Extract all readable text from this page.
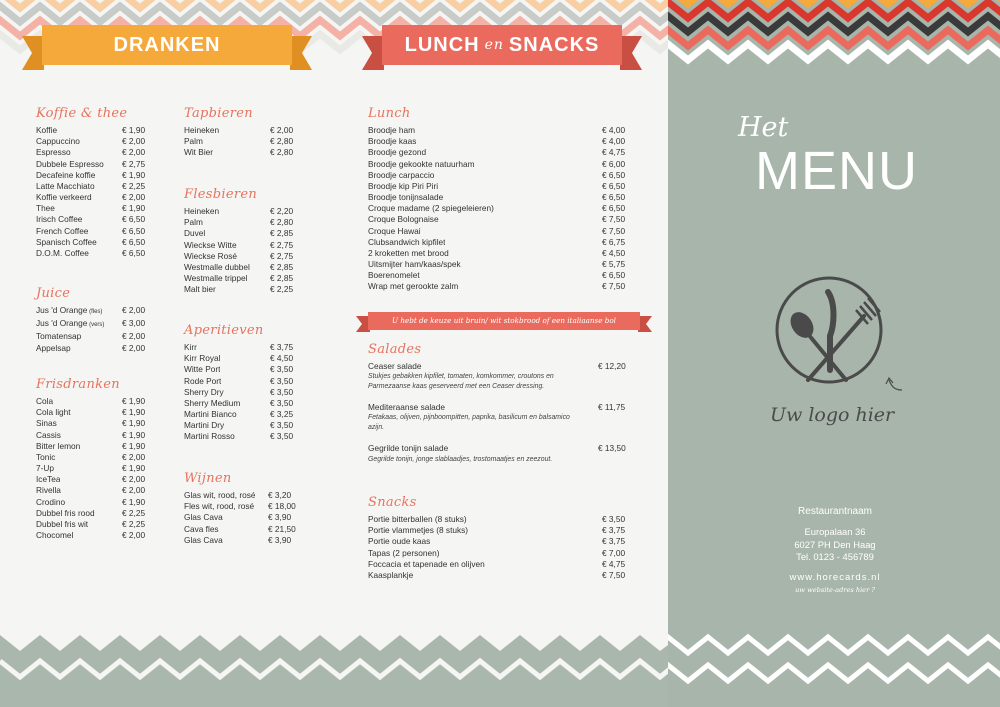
DRANKEN	LUNCH en SNACKS
Koffie & thee
Koffie	€ 1,90
Cappuccino	€ 2,00
Espresso	€ 2,00
Dubbele Espresso € 2,75
Decafeine koffie	€ 1,90
Latte Macchiato	€ 2,25
Koffie verkeerd	€ 2,00
Thee	€ 1,90
Irisch Coffee	€ 6,50
French Coffee	€ 6,50
Spanisch Coffee	€ 6,50
D.O.M. Coffee	€ 6,50
Juice
Jus 'd Orange (fles) € 2,00
Jus 'd Orange (vers) € 3,00
Tomatensap	€ 2,00
Appelsap	€ 2,00
Frisdranken
Cola	€ 1,90
Cola light	€ 1,90
Sinas	€ 1,90
Cassis	€ 1,90
Bitter lemon	€ 1,90
Tonic	€ 2,00
7-Up	€ 1,90
IceTea	€ 2,00
Rivella	€ 2,00
Crodino	€ 1,90
Dubbel fris rood	€ 2,25
Dubbel fris wit	€ 2,25
Chocomel	€ 2,00
Tapbieren
Heineken	€ 2,00
Palm	€ 2,80
Wit Bier	€ 2,80
Flesbieren
Heineken	€ 2,20
Palm	€ 2,80
Duvel	€ 2,85
Wieckse Witte	€ 2,75
Wieckse Rosé	€ 2,75
Westmalle dubbel € 2,85
Westmalle trippel	€ 2,85
Malt bier	€ 2,25
Aperitieven
Kirr	€ 3,75
Kirr Royal	€ 4,50
Witte Port	€ 3,50
Rode Port	€ 3,50
Sherry Dry	€ 3,50
Sherry Medium	€ 3,50
Martini Bianco	€ 3,25
Martini Dry	€ 3,50
Martini Rosso	€ 3,50
Wijnen
Glas wit, rood, rosé € 3,20
Fles wit, rood, rosé € 18,00
Glas Cava	€ 3,90
Cava fles	€ 21,50
Glas Cava	€ 3,90
Lunch
Broodje ham	€ 4,00
Broodje kaas	€ 4,00
Broodje gezond	€ 4,75
Broodje gekookte natuurham	€ 6,00
Broodje carpaccio	€ 6,50
Broodje kip Piri Piri	€ 6,50
Broodje tonijnsalade	€ 6,50
Croque madame (2 spiegeleieren)	€ 6,50
Croque Bolognaise	€ 7,50
Croque Hawai	€ 7,50
Clubsandwich kipfilet	€ 6,75
2 kroketten met brood	€ 4,50
Uitsmijter ham/kaas/spek	€ 5,75
Boerenomelet	€ 6,50
Wrap met gerookte zalm	€ 7,50
U hebt de keuze uit bruin/ wit stokbrood of een italiaanse bol
Salades
Ceaser salade	€ 12,20
Stukjes gebakken kipfilet, tomaten, komkommer, croutons en
Parmezaanse kaas geserveerd met een Ceaser dressing.
Mediteraanse salade	€ 11,75
Fetakaas, olijven, pijnboompitten, paprika, basilicum en balsamico
azijn.
Gegrilde tonijn salade	€ 13,50
Gegrilde tonijn, jonge slablaadjes, trostomaatjes en zeezout.
Snacks
Portie bitterballen (8 stuks)	€ 3,50
Portie vlammetjes (8 stuks)	€ 3,75
Portie oude kaas	€ 3,75
Tapas (2 personen)	€ 7,00
Foccacia et tapenade en olijven	€ 4,75
Kaasplankje	€ 7,50
Het
MENU
Uw logo hier
Restaurantnaam
Europalaan 36
6027 PH Den Haag
Tel. 0123 - 456789
www.horecards.nl
uw website-adres hier ?
